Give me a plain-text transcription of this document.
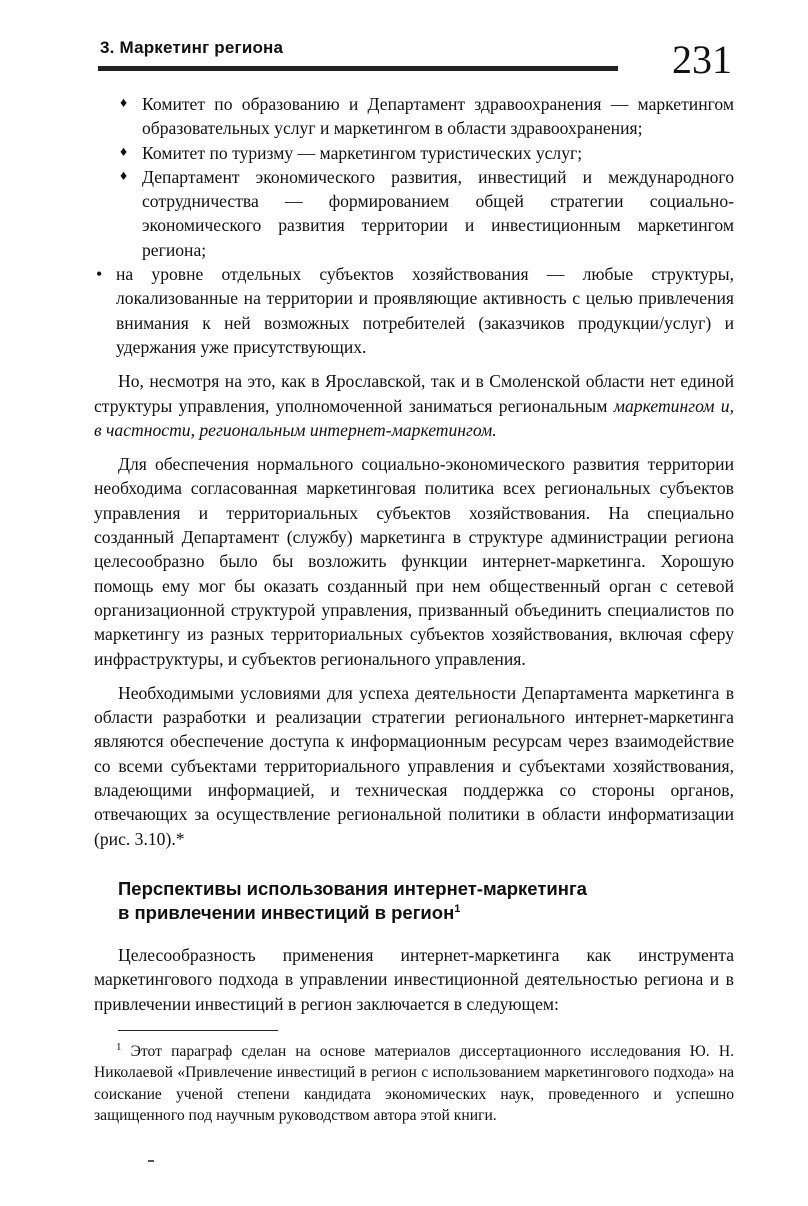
3. Маркетинг региона	231
♦ Комитет по образованию и Департамент здравоохранения — маркетингом образовательных услуг и маркетингом в области здравоохранения;
♦ Комитет по туризму — маркетингом туристических услуг;
♦ Департамент экономического развития, инвестиций и международного сотрудничества — формированием общей стратегии социально-экономического развития территории и инвестиционным маркетингом региона;
• на уровне отдельных субъектов хозяйствования — любые структуры, локализованные на территории и проявляющие активность с целью привлечения внимания к ней возможных потребителей (заказчиков продукции/услуг) и удержания уже присутствующих.

Но, несмотря на это, как в Ярославской, так и в Смоленской области нет единой структуры управления, уполномоченной заниматься региональным маркетингом и, в частности, региональным интернет-маркетингом.

Для обеспечения нормального социально-экономического развития территории необходима согласованная маркетинговая политика всех региональных субъектов управления и территориальных субъектов хозяйствования. На специально созданный Департамент (службу) маркетинга в структуре администрации региона целесообразно было бы возложить функции интернет-маркетинга. Хорошую помощь ему мог бы оказать созданный при нем общественный орган с сетевой организационной структурой управления, призванный объединить специалистов по маркетингу из разных территориальных субъектов хозяйствования, включая сферу инфраструктуры, и субъектов регионального управления.

Необходимыми условиями для успеха деятельности Департамента маркетинга в области разработки и реализации стратегии регионального интернет-маркетинга являются обеспечение доступа к информационным ресурсам через взаимодействие со всеми субъектами территориального управления и субъектами хозяйствования, владеющими информацией, и техническая поддержка со стороны органов, отвечающих за осуществление региональной политики в области информатизации (рис. 3.10).*

Перспективы использования интернет-маркетинга
в привлечении инвестиций в регион$^1$

Целесообразность применения интернет-маркетинга как инструмента маркетингового подхода в управлении инвестиционной деятельностью региона и в привлечении инвестиций в регион заключается в следующем:

$^1$ Этот параграф сделан на основе материалов диссертационного исследования Ю. Н. Николаевой «Привлечение инвестиций в регион с использованием маркетингового подхода» на соискание ученой степени кандидата экономических наук, проведенного и успешно защищенного под научным руководством автора этой книги.
